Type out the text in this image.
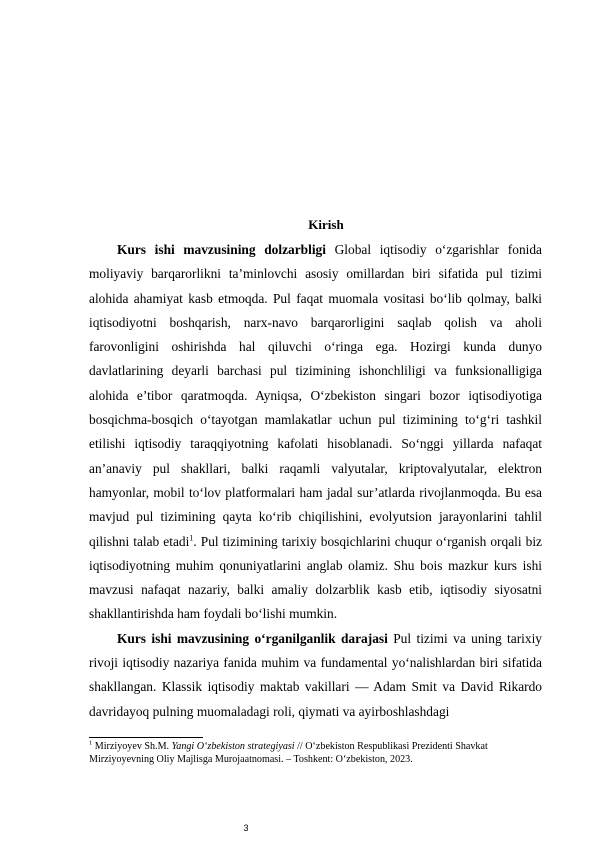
Kirish

Kurs ishi mavzusining dolzarbligi Global iqtisodiy o‘zgarishlar fonida moliyaviy barqarorlikni ta’minlovchi asosiy omillardan biri sifatida pul tizimi alohida ahamiyat kasb etmoqda. Pul faqat muomala vositasi bo‘lib qolmay, balki iqtisodiyotni boshqarish, narx-navo barqarorligini saqlab qolish va aholi farovonligini oshirishda hal qiluvchi o‘ringa ega. Hozirgi kunda dunyo davlatlarining deyarli barchasi pul tizimining ishonchliligi va funksionalligiga alohida e’tibor qaratmoqda. Ayniqsa, O‘zbekiston singari bozor iqtisodiyotiga bosqichma-bosqich o‘tayotgan mamlakatlar uchun pul tizimining to‘g‘ri tashkil etilishi iqtisodiy taraqqiyotning kafolati hisoblanadi. So‘nggi yillarda nafaqat an’anaviy pul shakllari, balki raqamli valyutalar, kriptovalyutalar, elektron hamyonlar, mobil to‘lov platformalari ham jadal sur’atlarda rivojlanmoqda. Bu esa mavjud pul tizimining qayta ko‘rib chiqilishini, evolyutsion jarayonlarini tahlil qilishni talab etadi$^1$. Pul tizimining tarixiy bosqichlarini chuqur o‘rganish orqali biz iqtisodiyotning muhim qonuniyatlarini anglab olamiz. Shu bois mazkur kurs ishi mavzusi nafaqat nazariy, balki amaliy dolzarblik kasb etib, iqtisodiy siyosatni shakllantirishda ham foydali bo‘lishi mumkin.

Kurs ishi mavzusining o‘rganilganlik darajasi Pul tizimi va uning tarixiy rivoji iqtisodiy nazariya fanida muhim va fundamental yo‘nalishlardan biri sifatida shakllangan. Klassik iqtisodiy maktab vakillari — Adam Smit va David Rikardo davridayoq pulning muomaladagi roli, qiymati va ayirboshlashdagi

$^1$ Mirziyoyev Sh.M. Yangi O‘zbekiston strategiyasi // O‘zbekiston Respublikasi Prezidenti Shavkat Mirziyoyevning Oliy Majlisga Murojaatnomasi. – Toshkent: O‘zbekiston, 2023.
3
